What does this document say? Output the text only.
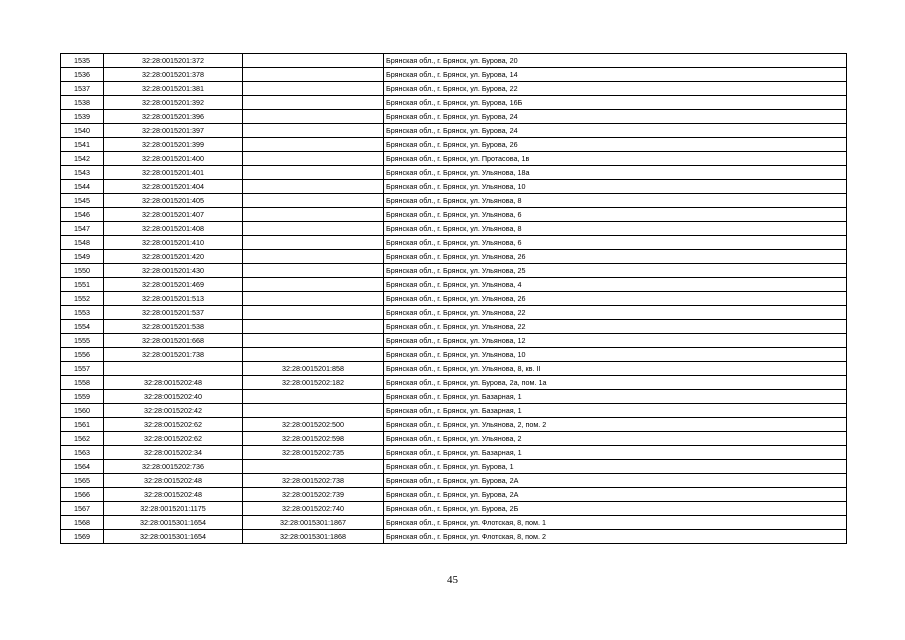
1535	32:28:0015201:372		Брянская обл., г. Брянск, ул. Бурова, 20
1536	32:28:0015201:378		Брянская обл., г. Брянск, ул. Бурова, 14
1537	32:28:0015201:381		Брянская обл., г. Брянск, ул. Бурова, 22
1538	32:28:0015201:392		Брянская обл., г. Брянск, ул. Бурова, 16Б
1539	32:28:0015201:396		Брянская обл., г. Брянск, ул. Бурова, 24
1540	32:28:0015201:397		Брянская обл., г. Брянск, ул. Бурова, 24
1541	32:28:0015201:399		Брянская обл., г. Брянск, ул. Бурова, 26
1542	32:28:0015201:400		Брянская обл., г. Брянск, ул. Протасова, 1в
1543	32:28:0015201:401		Брянская обл., г. Брянск, ул. Ульянова, 18а
1544	32:28:0015201:404		Брянская обл., г. Брянск, ул. Ульянова, 10
1545	32:28:0015201:405		Брянская обл., г. Брянск, ул. Ульянова, 8
1546	32:28:0015201:407		Брянская обл., г. Брянск, ул. Ульянова, 6
1547	32:28:0015201:408		Брянская обл., г. Брянск, ул. Ульянова, 8
1548	32:28:0015201:410		Брянская обл., г. Брянск, ул. Ульянова, 6
1549	32:28:0015201:420		Брянская обл., г. Брянск, ул. Ульянова, 26
1550	32:28:0015201:430		Брянская обл., г. Брянск, ул. Ульянова, 25
1551	32:28:0015201:469		Брянская обл., г. Брянск, ул. Ульянова, 4
1552	32:28:0015201:513		Брянская обл., г. Брянск, ул. Ульянова, 26
1553	32:28:0015201:537		Брянская обл., г. Брянск, ул. Ульянова, 22
1554	32:28:0015201:538		Брянская обл., г. Брянск, ул. Ульянова, 22
1555	32:28:0015201:668		Брянская обл., г. Брянск, ул. Ульянова, 12
1556	32:28:0015201:738		Брянская обл., г. Брянск, ул. Ульянова, 10
1557		32:28:0015201:858	Брянская обл., г. Брянск, ул. Ульянова, 8, кв. II
1558	32:28:0015202:48	32:28:0015202:182	Брянская обл., г. Брянск, ул. Бурова, 2а, пом. 1а
1559	32:28:0015202:40		Брянская обл., г. Брянск, ул. Базарная, 1
1560	32:28:0015202:42		Брянская обл., г. Брянск, ул. Базарная, 1
1561	32:28:0015202:62	32:28:0015202:500	Брянская обл., г. Брянск, ул. Ульянова, 2, пом. 2
1562	32:28:0015202:62	32:28:0015202:598	Брянская обл., г. Брянск, ул. Ульянова, 2
1563	32:28:0015202:34	32:28:0015202:735	Брянская обл., г. Брянск, ул. Базарная, 1
1564	32:28:0015202:736		Брянская обл., г. Брянск, ул. Бурова, 1
1565	32:28:0015202:48	32:28:0015202:738	Брянская обл., г. Брянск, ул. Бурова, 2А
1566	32:28:0015202:48	32:28:0015202:739	Брянская обл., г. Брянск, ул. Бурова, 2А
1567	32:28:0015201:1175	32:28:0015202:740	Брянская обл., г. Брянск, ул. Бурова, 2Б
1568	32:28:0015301:1654	32:28:0015301:1867	Брянская обл., г. Брянск, ул. Флотская, 8, пом. 1
1569	32:28:0015301:1654	32:28:0015301:1868	Брянская обл., г. Брянск, ул. Флотская, 8, пом. 2
45
